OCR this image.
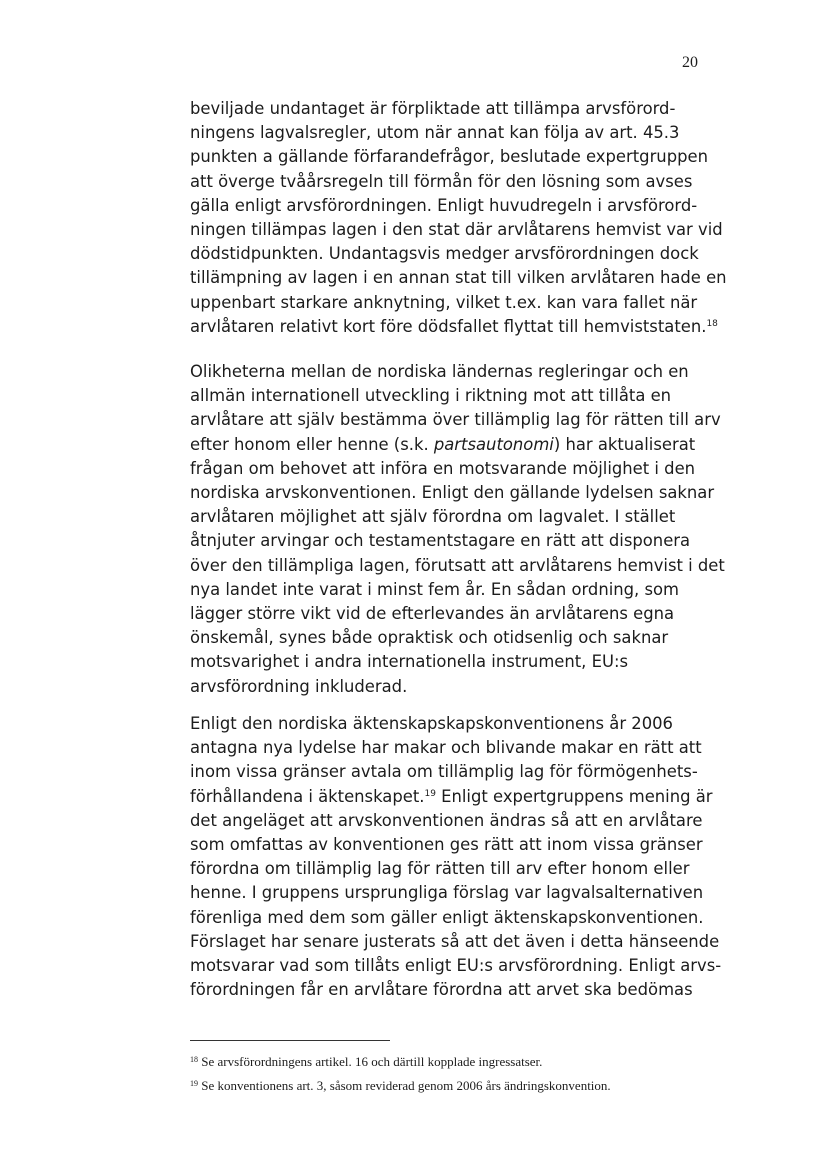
20
beviljade undantaget är förpliktade att tillämpa arvsförord-
ningens lagvalsregler, utom när annat kan följa av art. 45.3
punkten a gällande förfarandefrågor, beslutade expertgruppen
att överge tvåårsregeln till förmån för den lösning som avses
gälla enligt arvsförordningen. Enligt huvudregeln i arvsförord-
ningen tillämpas lagen i den stat där arvlåtarens hemvist var vid
dödstidpunkten. Undantagsvis medger arvsförordningen dock
tillämpning av lagen i en annan stat till vilken arvlåtaren hade en
uppenbart starkare anknytning, vilket t.ex. kan vara fallet när
arvlåtaren relativt kort före dödsfallet flyttat till hemviststaten.$^{18}$
Olikheterna mellan de nordiska ländernas regleringar och en
allmän internationell utveckling i riktning mot att tillåta en
arvlåtare att själv bestämma över tillämplig lag för rätten till arv
efter honom eller henne (s.k. partsautonomi) har aktualiserat
frågan om behovet att införa en motsvarande möjlighet i den
nordiska arvskonventionen. Enligt den gällande lydelsen saknar
arvlåtaren möjlighet att själv förordna om lagvalet. I stället
åtnjuter arvingar och testamentstagare en rätt att disponera
över den tillämpliga lagen, förutsatt att arvlåtarens hemvist i det
nya landet inte varat i minst fem år. En sådan ordning, som
lägger större vikt vid de efterlevandes än arvlåtarens egna
önskemål, synes både opraktisk och otidsenlig och saknar
motsvarighet i andra internationella instrument, EU:s
arvsförordning inkluderad.
Enligt den nordiska äktenskapskapskonventionens år 2006
antagna nya lydelse har makar och blivande makar en rätt att
inom vissa gränser avtala om tillämplig lag för förmögenhets-
förhållandena i äktenskapet.$^{19}$ Enligt expertgruppens mening är
det angeläget att arvskonventionen ändras så att en arvlåtare
som omfattas av konventionen ges rätt att inom vissa gränser
förordna om tillämplig lag för rätten till arv efter honom eller
henne. I gruppens ursprungliga förslag var lagvalsalternativen
förenliga med dem som gäller enligt äktenskapskonventionen.
Förslaget har senare justerats så att det även i detta hänseende
motsvarar vad som tillåts enligt EU:s arvsförordning. Enligt arvs-
förordningen får en arvlåtare förordna att arvet ska bedömas
$^{18}$ Se arvsförordningens artikel. 16 och därtill kopplade ingressatser.
$^{19}$ Se konventionens art. 3, såsom reviderad genom 2006 års ändringskonvention.
